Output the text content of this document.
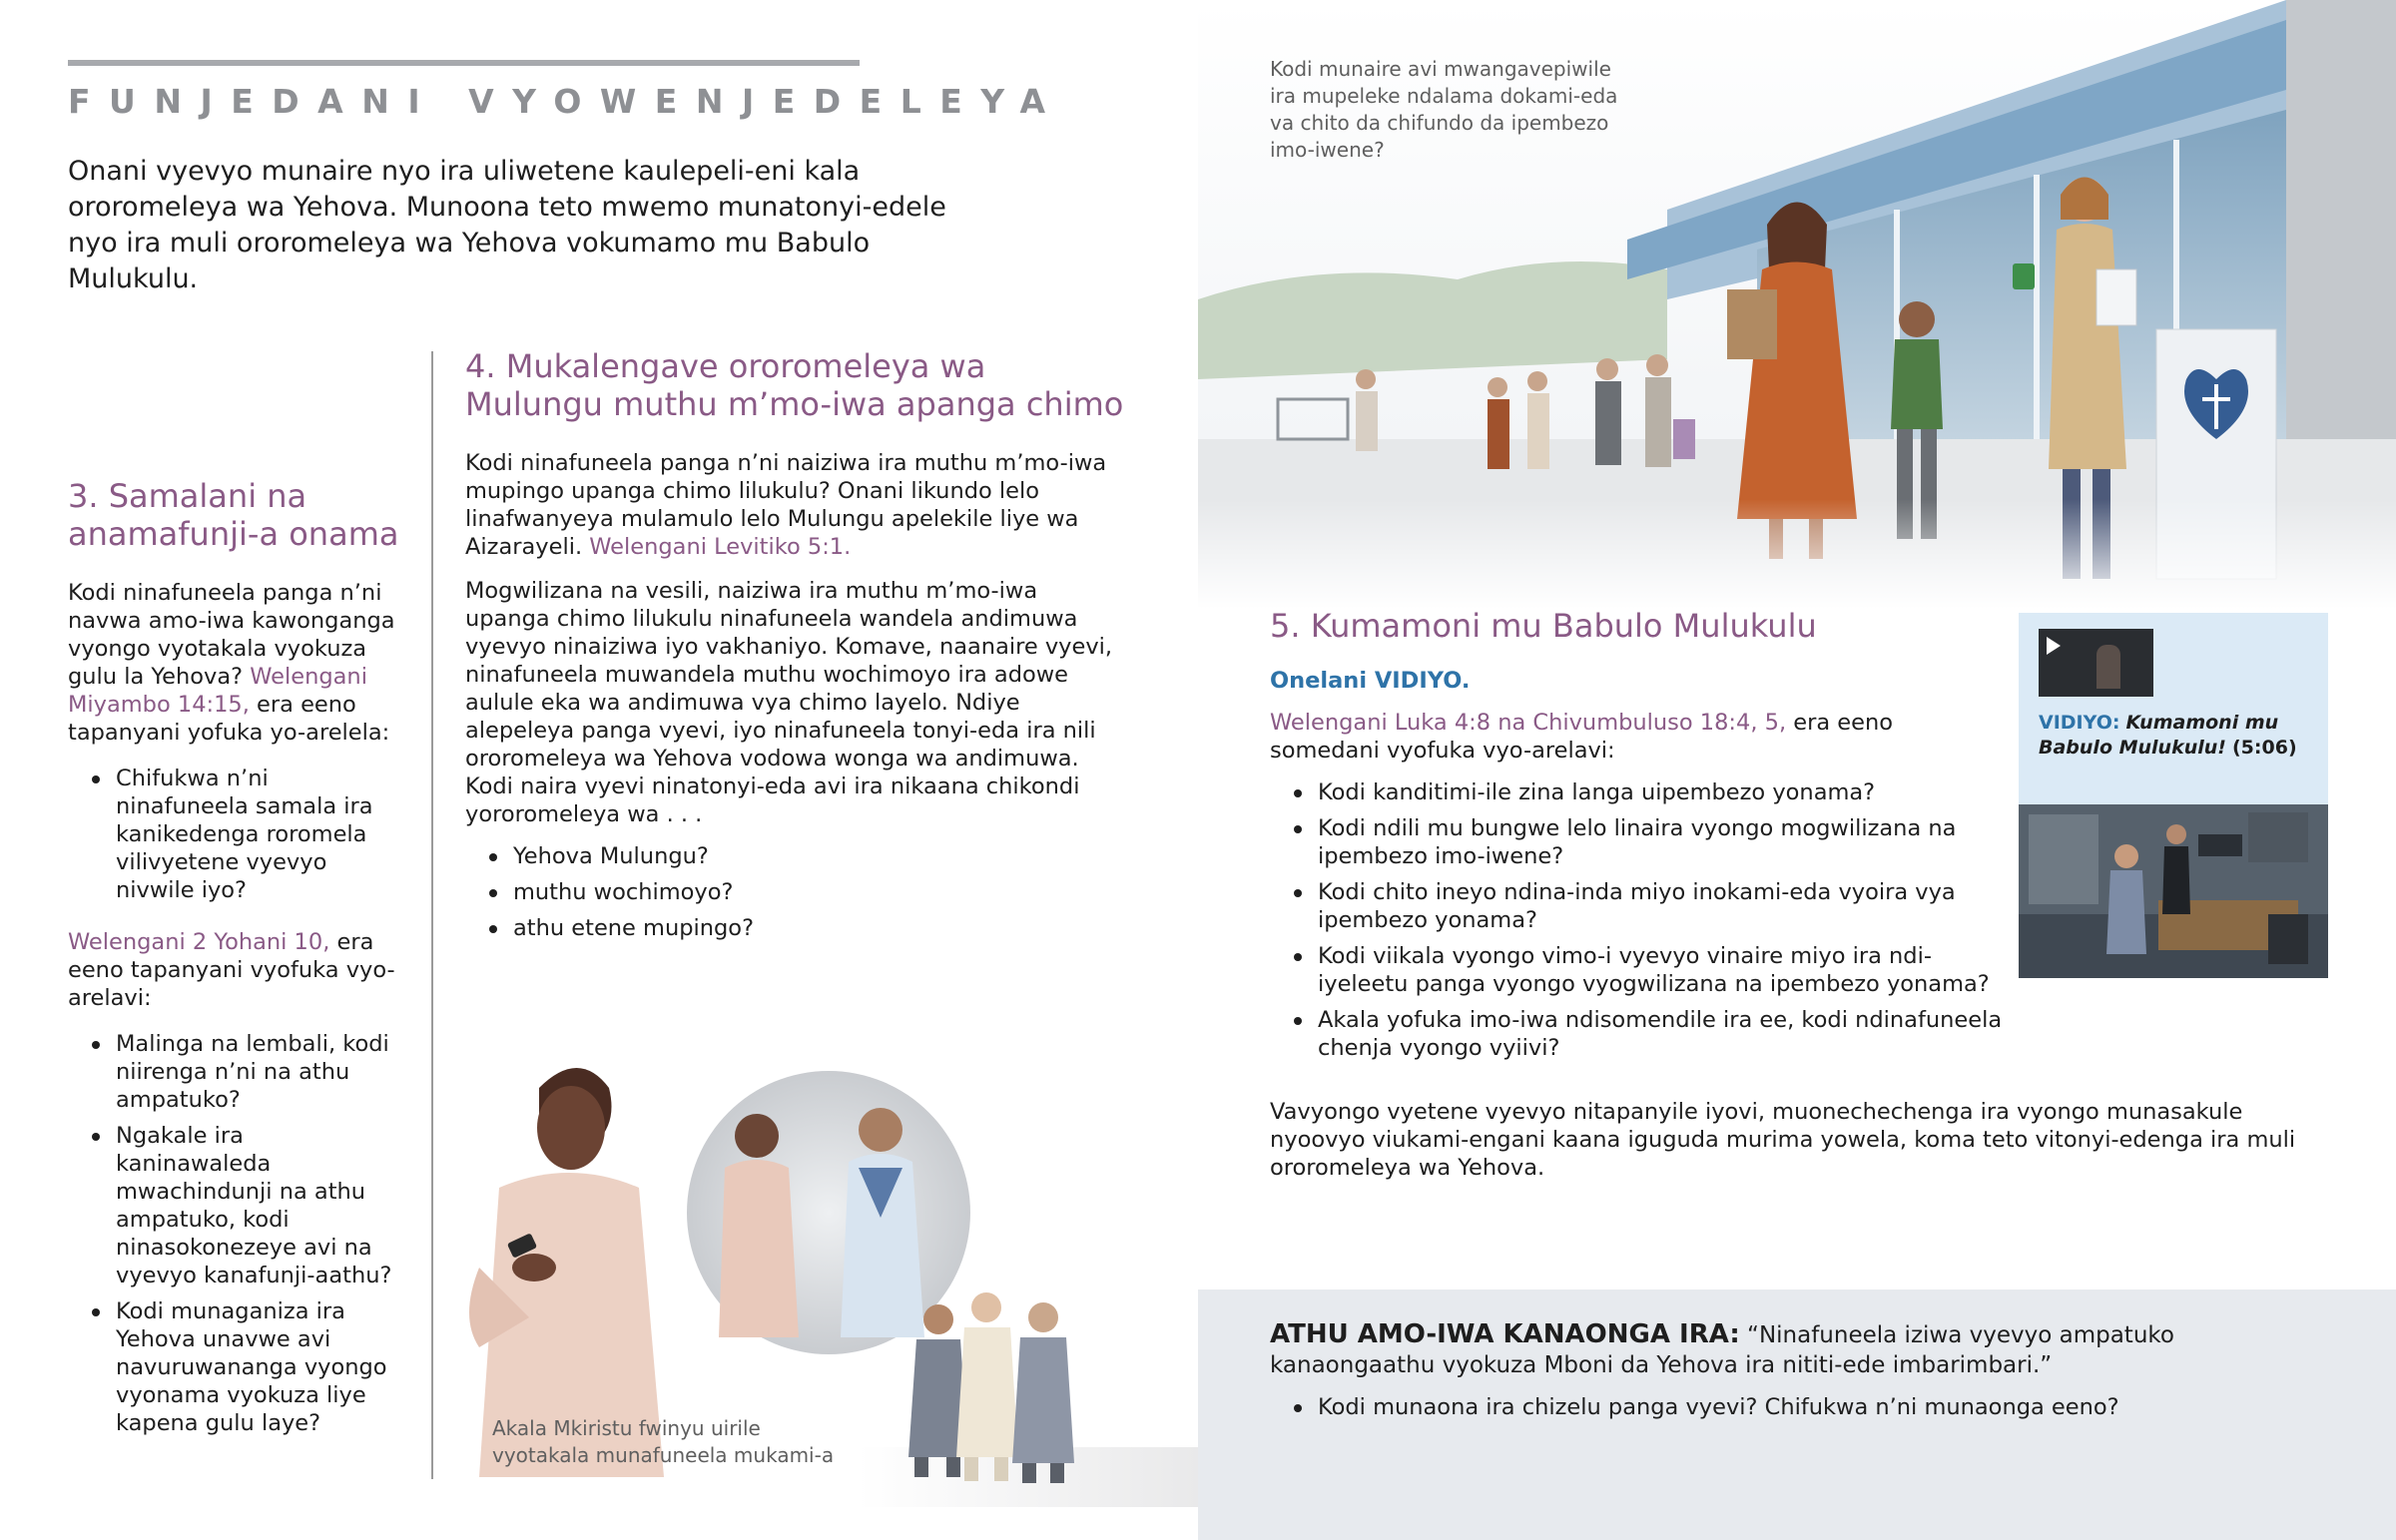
FUNJEDANI VYOWENJEDELEYA
Onani vyevyo munaire nyo ira uliwetene kaulepeli-eni kala ororomeleya wa Yehova. Munoona teto mwemo munatonyi-edele nyo ira muli ororomeleya wa Yehova vokumamo mu Babulo Mulukulu.
3. Samalani na anamafunji-a onama
Kodi ninafuneela panga n’ni navwa amo-iwa kawonganga vyongo vyotakala vyokuza gulu la Yehova? Welengani Miyambo 14:15, era eeno tapanyani yofuka yo-arelela:
Chifukwa n’ni ninafuneela samala ira kanikedenga roromela vilivyetene vyevyo nivwile iyo?
Welengani 2 Yohani 10, era eeno tapanyani vyofuka vyo-arelavi:
Malinga na lembali, kodi niirenga n’ni na athu ampatuko?
Ngakale ira kaninawaleda mwachindunji na athu ampatuko, kodi ninasokonezeye avi na vyevyo kanafunji-aathu?
Kodi munaganiza ira Yehova unavwe avi navuruwananga vyongo vyonama vyokuza liye kapena gulu laye?
4. Mukalengave ororomeleya wa Mulungu muthu m’mo-iwa apanga chimo
Kodi ninafuneela panga n’ni naiziwa ira muthu m’mo-iwa mupingo upanga chimo lilukulu? Onani likundo lelo linafwanyeya mulamulo lelo Mulungu apelekile liye wa Aizarayeli. Welengani Levitiko 5:1.
Mogwilizana na vesili, naiziwa ira muthu m’mo-iwa upanga chimo lilukulu ninafuneela wandela andimuwa vyevyo ninaiziwa iyo vakhaniyo. Komave, naanaire vyevi, ninafuneela muwandela muthu wochimoyo ira adowe aulule eka wa andimuwa vya chimo layelo. Ndiye alepeleya panga vyevi, iyo ninafuneela tonyi-eda ira nili ororomeleya wa Yehova vodowa wonga wa andimuwa. Kodi naira vyevi ninatonyi-eda avi ira nikaana chikondi yororomeleya wa . . .
Yehova Mulungu?
muthu wochimoyo?
athu etene mupingo?
Akala Mkiristu fwinyu uirile vyotakala munafuneela mukami-a
Kodi munaire avi mwangavepiwile ira mupeleke ndalama dokami-eda va chito da chifundo da ipembezo imo-iwene?
5. Kumamoni mu Babulo Mulukulu
Onelani VIDIYO.
Welengani Luka 4:8 na Chivumbuluso 18:4, 5, era eeno somedani vyofuka vyo-arelavi:
Kodi kanditimi-ile zina langa uipembezo yonama?
Kodi ndili mu bungwe lelo linaira vyongo mogwilizana na ipembezo imo-iwene?
Kodi chito ineyo ndina-inda miyo inokami-eda vyoira vya ipembezo yonama?
Kodi viikala vyongo vimo-i vyevyo vinaire miyo ira ndi-iyeleetu panga vyongo vyogwilizana na ipembezo yonama?
Akala yofuka imo-iwa ndisomendile ira ee, kodi ndinafuneela chenja vyongo vyiivi?
VIDIYO: Kumamoni mu Babulo Mulukulu! (5:06)
Vavyongo vyetene vyevyo nitapanyile iyovi, muonechechenga ira vyongo munasakule nyoovyo viukami-engani kaana iguguda murima yowela, koma teto vitonyi-edenga ira muli ororomeleya wa Yehova.
ATHU AMO-IWA KANAONGA IRA: “Ninafuneela iziwa vyevyo ampatuko kanaongaathu vyokuza Mboni da Yehova ira nititi-ede imbarimbari.”
Kodi munaona ira chizelu panga vyevi? Chifukwa n’ni munaonga eeno?
